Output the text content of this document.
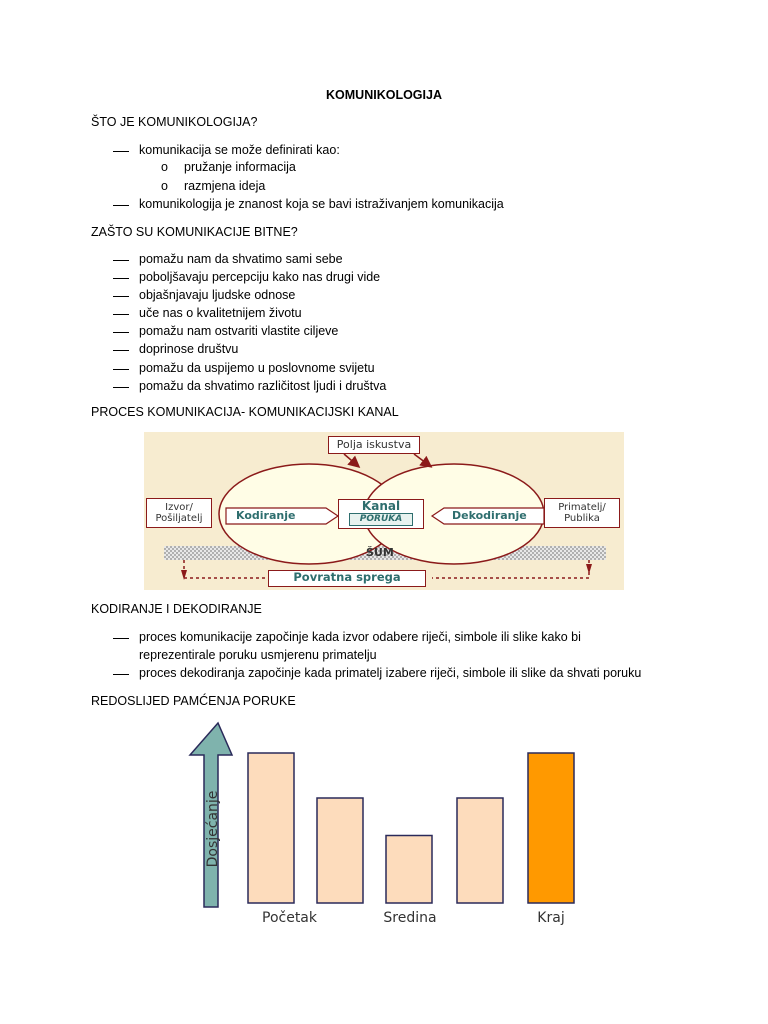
KOMUNIKOLOGIJA
ŠTO JE KOMUNIKOLOGIJA?
komunikacija se može definirati kao:
o pružanje informacija
o razmjena ideja
komunikologija je znanost koja se bavi istraživanjem komunikacija
ZAŠTO SU KOMUNIKACIJE BITNE?
pomažu nam da shvatimo sami sebe
poboljšavaju percepciju kako nas drugi vide
objašnjavaju ljudske odnose
uče nas o kvalitetnijem životu
pomažu nam ostvariti vlastite ciljeve
doprinose društvu
pomažu da uspijemo u poslovnome svijetu
pomažu da shvatimo različitost ljudi i društva
PROCES KOMUNIKACIJA- KOMUNIKACIJSKI KANAL
Polja iskustva
Izvor/
Pošiljatelj	Kodiranje
Kanal
PORUKA	Dekodiranje
Primatelj/
Publika
ŠUM
Povratna sprega
KODIRANJE I DEKODIRANJE
proces komunikacije započinje kada izvor odabere riječi, simbole ili slike kako bi
reprezentirale poruku usmjerenu primatelju
proces dekodiranja započinje kada primatelj izabere riječi, simbole ili slike da shvati poruku
REDOSLIJED PAMĆENJA PORUKE
Dosjećanje
Početak	Sredina	Kraj
